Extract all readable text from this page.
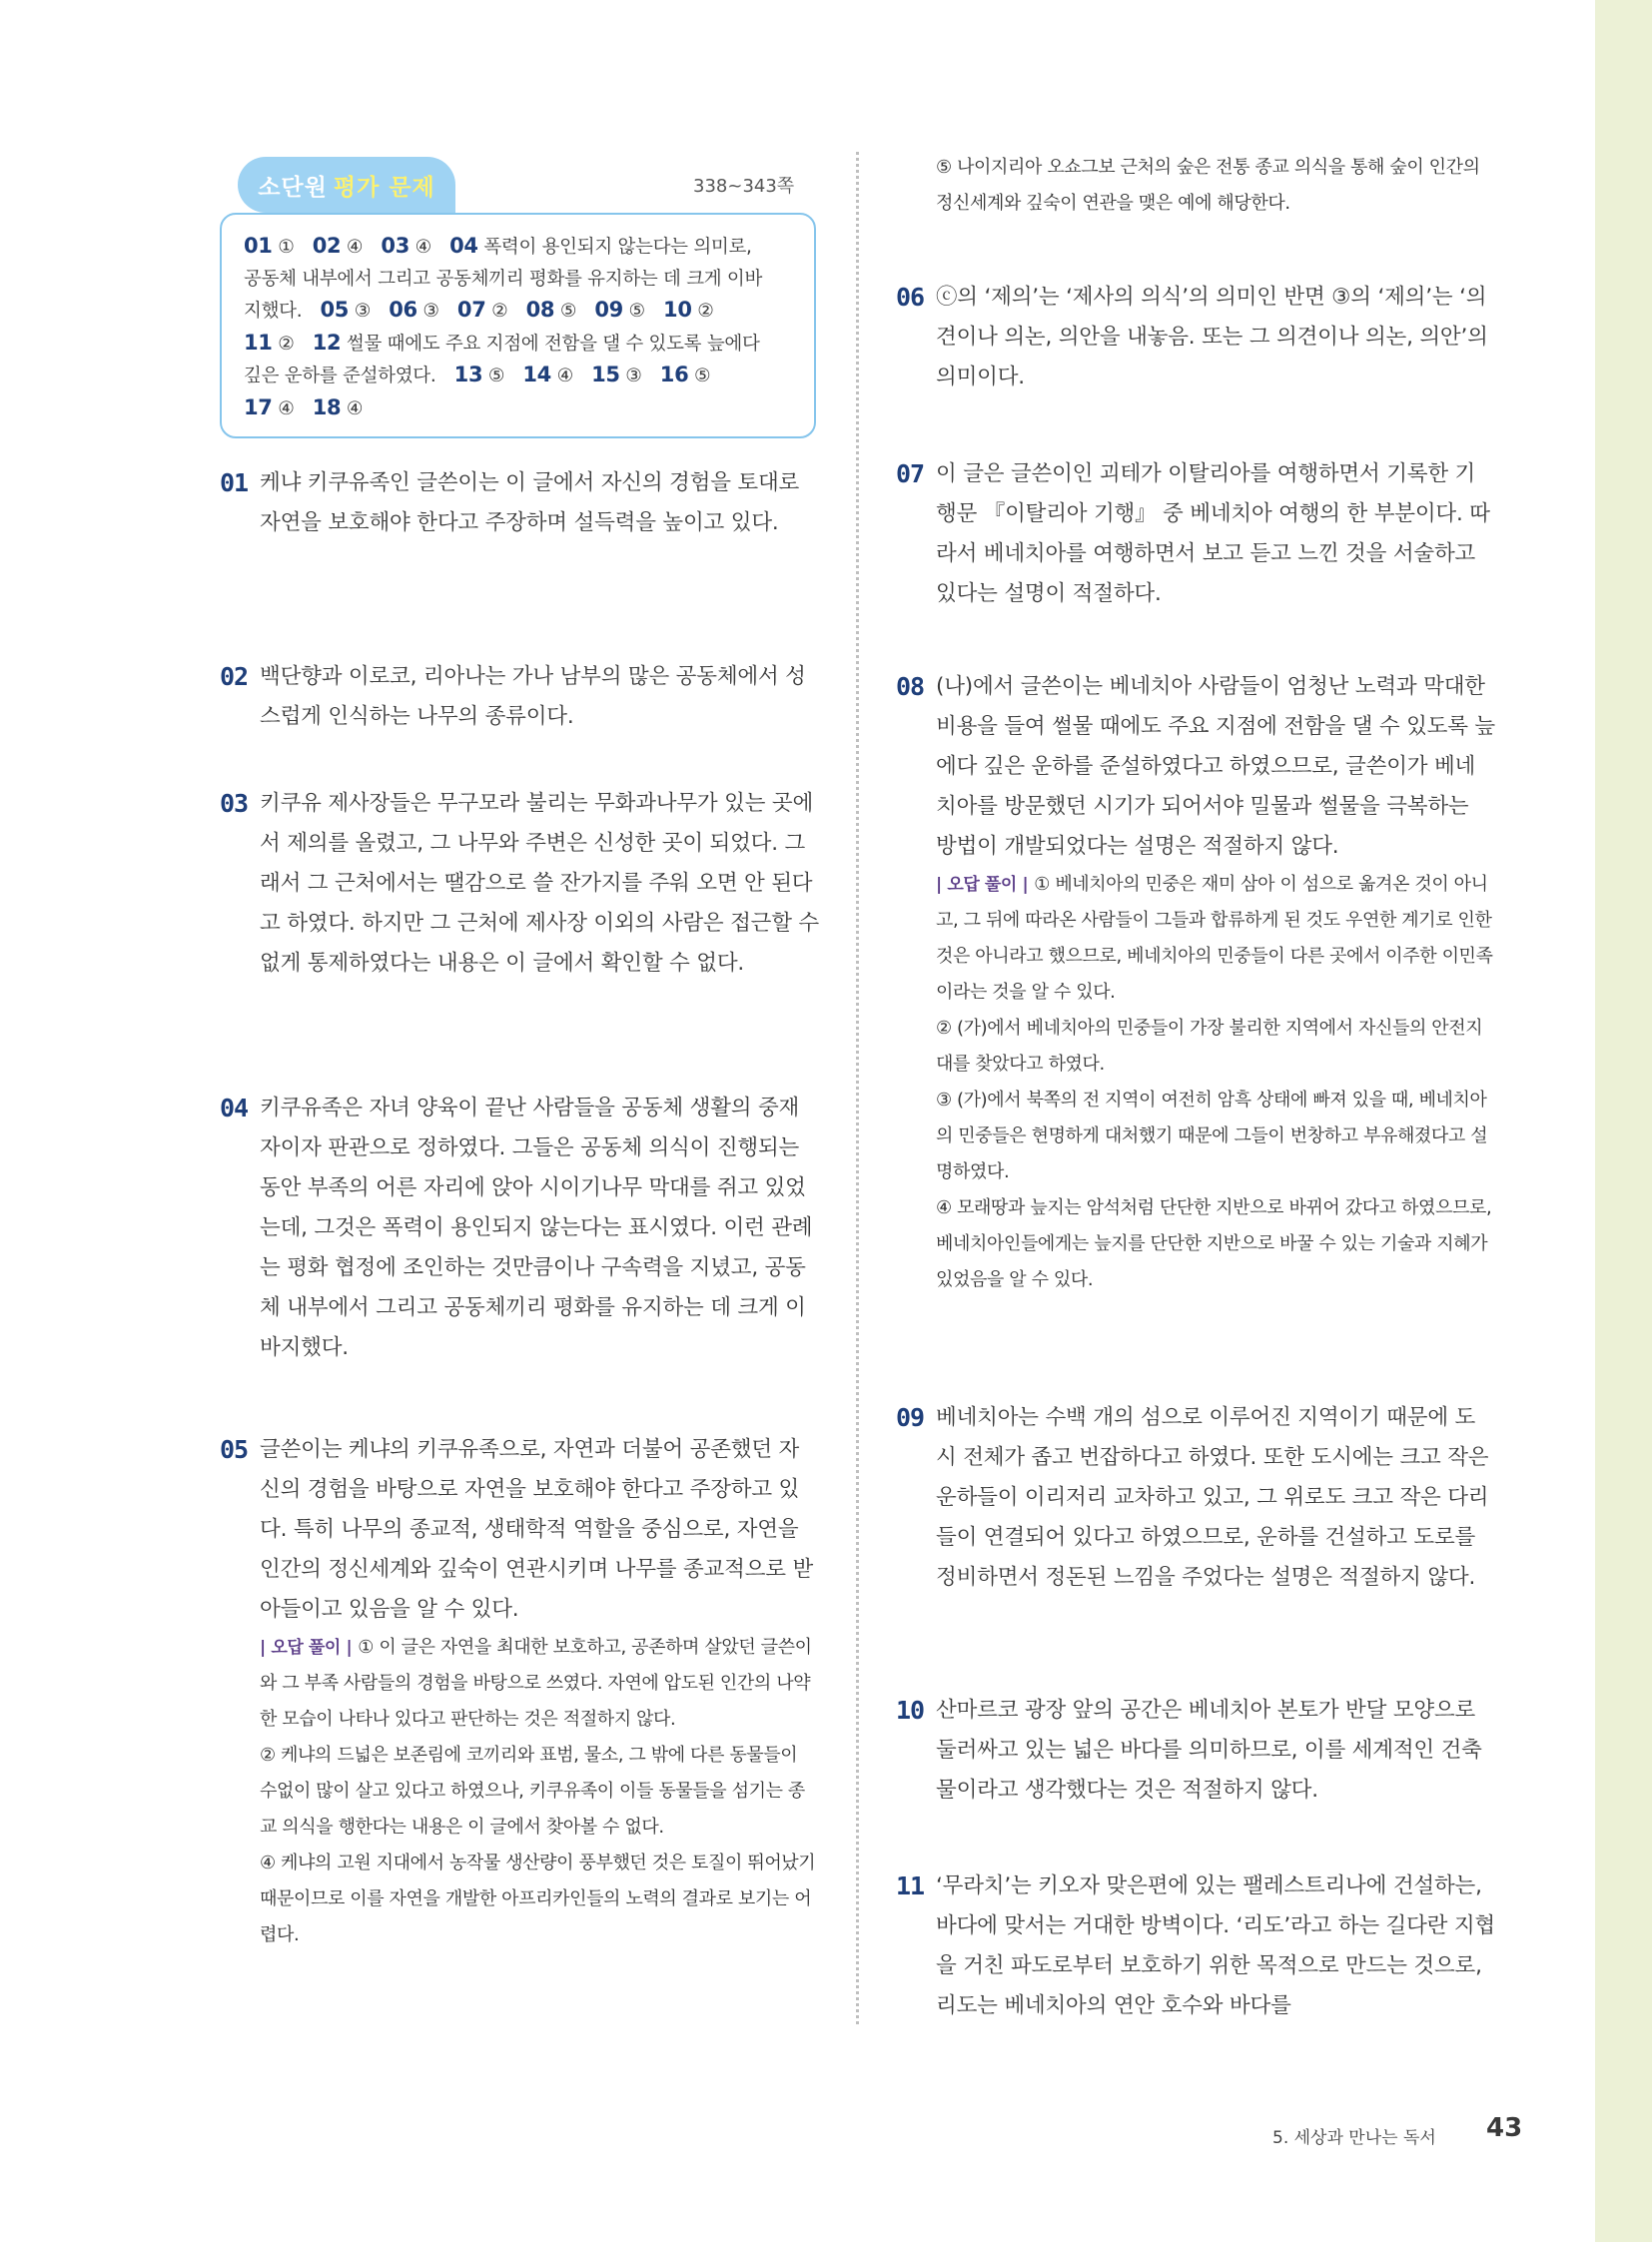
소단원 평가 문제	338~343쪽
01 ①　02 ④　03 ④　04 폭력이 용인되지 않는다는 의미로,
공동체 내부에서 그리고 공동체끼리 평화를 유지하는 데 크게 이바
지했다.　05 ③　06 ③　07 ②　08 ⑤　09 ⑤　10 ②
11 ②　12 썰물 때에도 주요 지점에 전함을 댈 수 있도록 늪에다
깊은 운하를 준설하였다.　13 ⑤　14 ④　15 ③　16 ⑤
17 ④　18 ④
01 케냐 키쿠유족인 글쓴이는 이 글에서 자신의 경험을 토대로 자연을 보호해야 한다고 주장하며 설득력을 높이고 있다.
02 백단향과 이로코, 리아나는 가나 남부의 많은 공동체에서 성스럽게 인식하는 나무의 종류이다.
03 키쿠유 제사장들은 무구모라 불리는 무화과나무가 있는 곳에서 제의를 올렸고, 그 나무와 주변은 신성한 곳이 되었다. 그래서 그 근처에서는 땔감으로 쓸 잔가지를 주워 오면 안 된다고 하였다. 하지만 그 근처에 제사장 이외의 사람은 접근할 수 없게 통제하였다는 내용은 이 글에서 확인할 수 없다.
04 키쿠유족은 자녀 양육이 끝난 사람들을 공동체 생활의 중재자이자 판관으로 정하였다. 그들은 공동체 의식이 진행되는 동안 부족의 어른 자리에 앉아 시이기나무 막대를 쥐고 있었는데, 그것은 폭력이 용인되지 않는다는 표시였다. 이런 관례는 평화 협정에 조인하는 것만큼이나 구속력을 지녔고, 공동체 내부에서 그리고 공동체끼리 평화를 유지하는 데 크게 이바지했다.
05 글쓴이는 케냐의 키쿠유족으로, 자연과 더불어 공존했던 자신의 경험을 바탕으로 자연을 보호해야 한다고 주장하고 있다. 특히 나무의 종교적, 생태학적 역할을 중심으로, 자연을 인간의 정신세계와 깊숙이 연관시키며 나무를 종교적으로 받아들이고 있음을 알 수 있다.
| 오답 풀이 | ① 이 글은 자연을 최대한 보호하고, 공존하며 살았던 글쓴이와 그 부족 사람들의 경험을 바탕으로 쓰였다. 자연에 압도된 인간의 나약한 모습이 나타나 있다고 판단하는 것은 적절하지 않다.
② 케냐의 드넓은 보존림에 코끼리와 표범, 물소, 그 밖에 다른 동물들이 수없이 많이 살고 있다고 하였으나, 키쿠유족이 이들 동물들을 섬기는 종교 의식을 행한다는 내용은 이 글에서 찾아볼 수 없다.
④ 케냐의 고원 지대에서 농작물 생산량이 풍부했던 것은 토질이 뛰어났기 때문이므로 이를 자연을 개발한 아프리카인들의 노력의 결과로 보기는 어렵다.
⑤ 나이지리아 오쇼그보 근처의 숲은 전통 종교 의식을 통해 숲이 인간의 정신세계와 깊숙이 연관을 맺은 예에 해당한다.
06 ⓒ의 ‘제의’는 ‘제사의 의식’의 의미인 반면 ③의 ‘제의’는 ‘의견이나 의논, 의안을 내놓음. 또는 그 의견이나 의논, 의안’의 의미이다.
07 이 글은 글쓴이인 괴테가 이탈리아를 여행하면서 기록한 기행문 『이탈리아 기행』 중 베네치아 여행의 한 부분이다. 따라서 베네치아를 여행하면서 보고 듣고 느낀 것을 서술하고 있다는 설명이 적절하다.
08 (나)에서 글쓴이는 베네치아 사람들이 엄청난 노력과 막대한 비용을 들여 썰물 때에도 주요 지점에 전함을 댈 수 있도록 늪에다 깊은 운하를 준설하였다고 하였으므로, 글쓴이가 베네치아를 방문했던 시기가 되어서야 밀물과 썰물을 극복하는 방법이 개발되었다는 설명은 적절하지 않다.
| 오답 풀이 | ① 베네치아의 민중은 재미 삼아 이 섬으로 옮겨온 것이 아니고, 그 뒤에 따라온 사람들이 그들과 합류하게 된 것도 우연한 계기로 인한 것은 아니라고 했으므로, 베네치아의 민중들이 다른 곳에서 이주한 이민족이라는 것을 알 수 있다.
② (가)에서 베네치아의 민중들이 가장 불리한 지역에서 자신들의 안전지대를 찾았다고 하였다.
③ (가)에서 북쪽의 전 지역이 여전히 암흑 상태에 빠져 있을 때, 베네치아의 민중들은 현명하게 대처했기 때문에 그들이 번창하고 부유해졌다고 설명하였다.
④ 모래땅과 늪지는 암석처럼 단단한 지반으로 바뀌어 갔다고 하였으므로, 베네치아인들에게는 늪지를 단단한 지반으로 바꿀 수 있는 기술과 지혜가 있었음을 알 수 있다.
09 베네치아는 수백 개의 섬으로 이루어진 지역이기 때문에 도시 전체가 좁고 번잡하다고 하였다. 또한 도시에는 크고 작은 운하들이 이리저리 교차하고 있고, 그 위로도 크고 작은 다리들이 연결되어 있다고 하였으므로, 운하를 건설하고 도로를 정비하면서 정돈된 느낌을 주었다는 설명은 적절하지 않다.
10 산마르코 광장 앞의 공간은 베네치아 본토가 반달 모양으로 둘러싸고 있는 넓은 바다를 의미하므로, 이를 세계적인 건축물이라고 생각했다는 것은 적절하지 않다.
11 ‘무라치’는 키오자 맞은편에 있는 팰레스트리나에 건설하는, 바다에 맞서는 거대한 방벽이다. ‘리도’라고 하는 길다란 지협을 거친 파도로부터 보호하기 위한 목적으로 만드는 것으로, 리도는 베네치아의 연안 호수와 바다를
5. 세상과 만나는 독서 43
